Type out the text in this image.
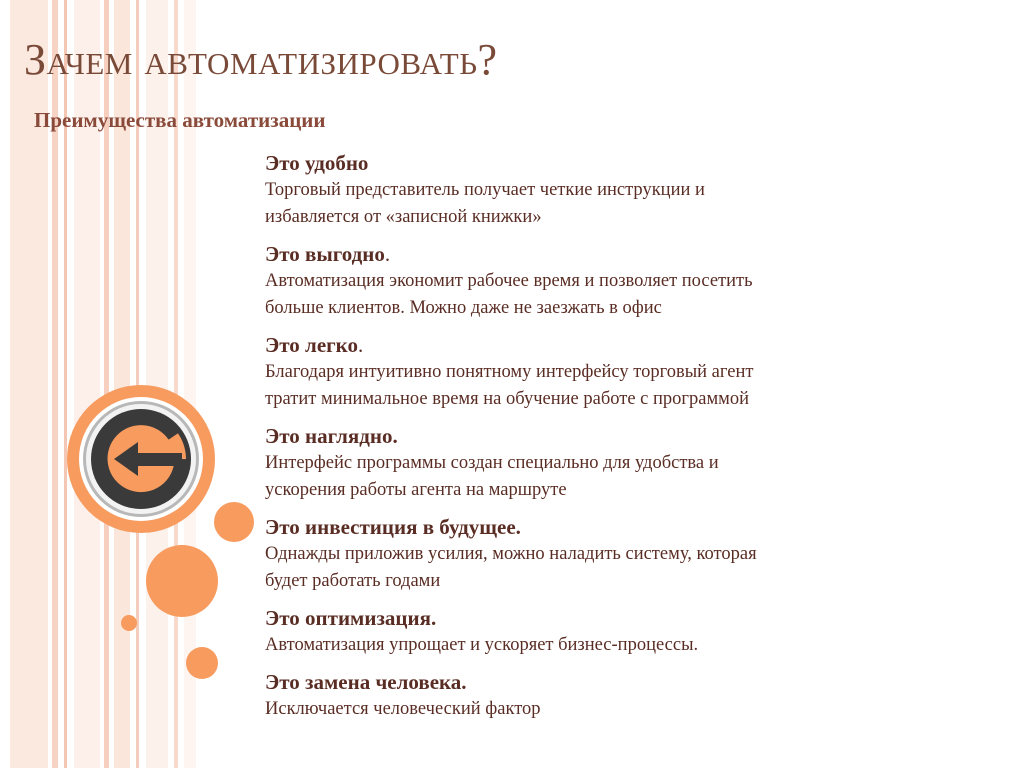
Зачем автоматизировать?
Преимущества автоматизации
Это удобно
Торговый представитель получает четкие инструкции и
избавляется от «записной книжки»
Это выгодно.
Автоматизация экономит рабочее время и позволяет посетить
больше клиентов. Можно даже не заезжать в офис
Это легко.
Благодаря интуитивно понятному интерфейсу торговый агент
тратит минимальное время на обучение работе с программой
Это наглядно.
Интерфейс программы создан специально для удобства и
ускорения работы агента на маршруте
Это инвестиция в будущее.
Однажды приложив усилия, можно наладить систему, которая
будет работать годами
Это оптимизация.
Автоматизация упрощает и ускоряет бизнес-процессы.
Это замена человека.
Исключается человеческий фактор
